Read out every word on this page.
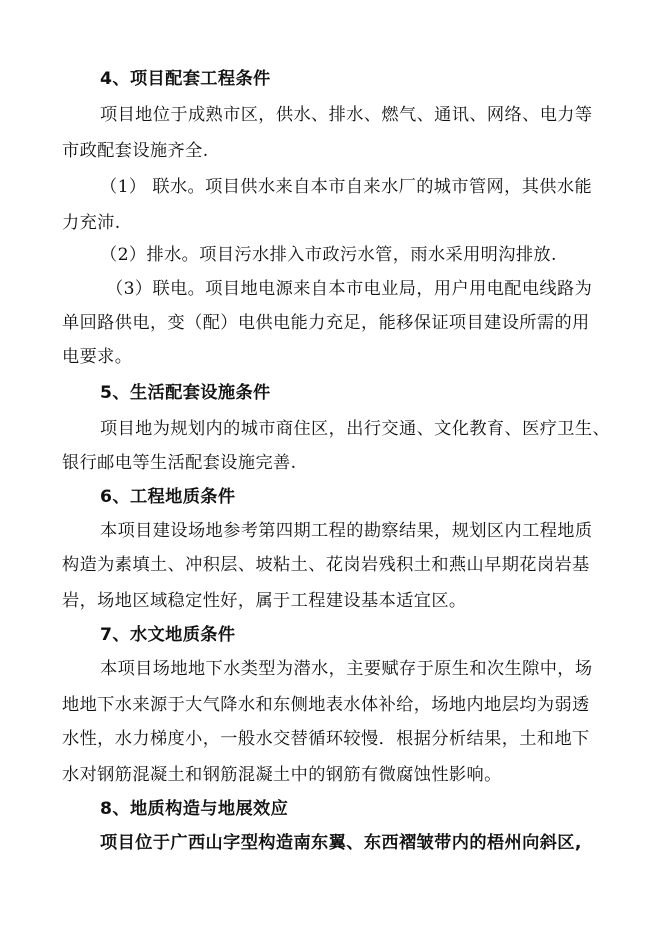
4、项目配套工程条件
项目地位于成熟市区，供水、排水、燃气、通讯、网络、电力等
市政配套设施齐全.
（1） 联水。项目供水来自本市自来水厂的城市管网，其供水能
力充沛.
（2）排水。项目污水排入市政污水管，雨水采用明沟排放.
（3）联电。项目地电源来自本市电业局，用户用电配电线路为
单回路供电，变（配）电供电能力充足，能移保证项目建设所需的用
电要求。
5、生活配套设施条件
项目地为规划内的城市商住区，出行交通、文化教育、医疗卫生、
银行邮电等生活配套设施完善.
6、工程地质条件
本项目建设场地参考第四期工程的勘察结果，规划区内工程地质
构造为素填土、冲积层、坡粘土、花岗岩残积土和燕山早期花岗岩基
岩，场地区域稳定性好，属于工程建设基本适宜区。
7、水文地质条件
本项目场地地下水类型为潜水，主要赋存于原生和次生隙中，场
地地下水来源于大气降水和东侧地表水体补给，场地内地层均为弱透
水性，水力梯度小，一般水交替循环较慢．根据分析结果，土和地下
水对钢筋混凝土和钢筋混凝土中的钢筋有微腐蚀性影响。
8、地质构造与地展效应
项目位于广西山字型构造南东翼、东西褶皱带内的梧州向斜区,
